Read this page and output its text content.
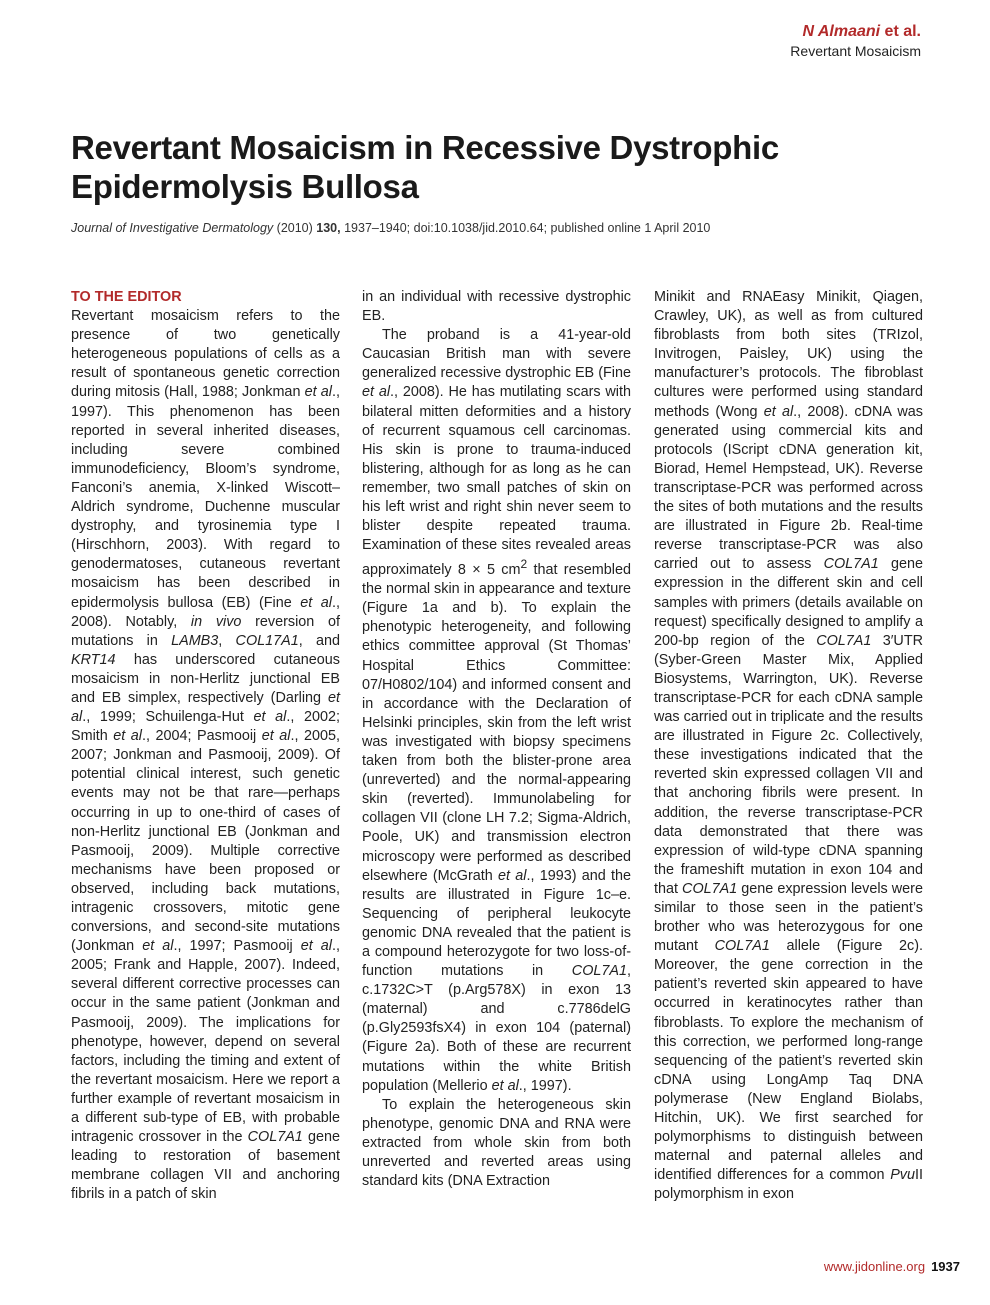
N Almaani et al.
Revertant Mosaicism
Revertant Mosaicism in Recessive Dystrophic Epidermolysis Bullosa
Journal of Investigative Dermatology (2010) 130, 1937–1940; doi:10.1038/jid.2010.64; published online 1 April 2010
TO THE EDITOR

Revertant mosaicism refers to the presence of two genetically heterogeneous populations of cells as a result of spontaneous genetic correction during mitosis (Hall, 1988; Jonkman et al., 1997). This phenomenon has been reported in several inherited diseases, including severe combined immunodeficiency, Bloom’s syndrome, Fanconi’s anemia, X-linked Wiscott–Aldrich syndrome, Duchenne muscular dystrophy, and tyrosinemia type I (Hirschhorn, 2003). With regard to genodermatoses, cutaneous revertant mosaicism has been described in epidermolysis bullosa (EB) (Fine et al., 2008). Notably, in vivo reversion of mutations in LAMB3, COL17A1, and KRT14 has underscored cutaneous mosaicism in non-Herlitz junctional EB and EB simplex, respectively (Darling et al., 1999; Schuilenga-Hut et al., 2002; Smith et al., 2004; Pasmooij et al., 2005, 2007; Jonkman and Pasmooij, 2009). Of potential clinical interest, such genetic events may not be that rare—perhaps occurring in up to one-third of cases of non-Herlitz junctional EB (Jonkman and Pasmooij, 2009). Multiple corrective mechanisms have been proposed or observed, including back mutations, intragenic crossovers, mitotic gene conversions, and second-site mutations (Jonkman et al., 1997; Pasmooij et al., 2005; Frank and Happle, 2007). Indeed, several different corrective processes can occur in the same patient (Jonkman and Pasmooij, 2009). The implications for phenotype, however, depend on several factors, including the timing and extent of the revertant mosaicism. Here we report a further example of revertant mosaicism in a different sub-type of EB, with probable intragenic crossover in the COL7A1 gene leading to restoration of basement membrane collagen VII and anchoring fibrils in a patch of skin

in an individual with recessive dystrophic EB.

The proband is a 41-year-old Caucasian British man with severe generalized recessive dystrophic EB (Fine et al., 2008). He has mutilating scars with bilateral mitten deformities and a history of recurrent squamous cell carcinomas. His skin is prone to trauma-induced blistering, although for as long as he can remember, two small patches of skin on his left wrist and right shin never seem to blister despite repeated trauma. Examination of these sites revealed areas approximately 8 × 5 $cm^2$ that resembled the normal skin in appearance and texture (Figure 1a and b). To explain the phenotypic heterogeneity, and following ethics committee approval (St Thomas’ Hospital Ethics Committee: 07/H0802/104) and informed consent and in accordance with the Declaration of Helsinki principles, skin from the left wrist was investigated with biopsy specimens taken from both the blister-prone area (unreverted) and the normal-appearing skin (reverted). Immunolabeling for collagen VII (clone LH 7.2; Sigma-Aldrich, Poole, UK) and transmission electron microscopy were performed as described elsewhere (McGrath et al., 1993) and the results are illustrated in Figure 1c–e. Sequencing of peripheral leukocyte genomic DNA revealed that the patient is a compound heterozygote for two loss-of-function mutations in COL7A1, c.1732C>T (p.Arg578X) in exon 13 (maternal) and c.7786delG (p.Gly2593fsX4) in exon 104 (paternal) (Figure 2a). Both of these are recurrent mutations within the white British population (Mellerio et al., 1997).

To explain the heterogeneous skin phenotype, genomic DNA and RNA were extracted from whole skin from both unreverted and reverted areas using standard kits (DNA Extraction

Minikit and RNAEasy Minikit, Qiagen, Crawley, UK), as well as from cultured fibroblasts from both sites (TRIzol, Invitrogen, Paisley, UK) using the manufacturer’s protocols. The fibroblast cultures were performed using standard methods (Wong et al., 2008). cDNA was generated using commercial kits and protocols (IScript cDNA generation kit, Biorad, Hemel Hempstead, UK). Reverse transcriptase-PCR was performed across the sites of both mutations and the results are illustrated in Figure 2b. Real-time reverse transcriptase-PCR was also carried out to assess COL7A1 gene expression in the different skin and cell samples with primers (details available on request) specifically designed to amplify a 200-bp region of the COL7A1 3′UTR (Syber-Green Master Mix, Applied Biosystems, Warrington, UK). Reverse transcriptase-PCR for each cDNA sample was carried out in triplicate and the results are illustrated in Figure 2c. Collectively, these investigations indicated that the reverted skin expressed collagen VII and that anchoring fibrils were present. In addition, the reverse transcriptase-PCR data demonstrated that there was expression of wild-type cDNA spanning the frameshift mutation in exon 104 and that COL7A1 gene expression levels were similar to those seen in the patient’s brother who was heterozygous for one mutant COL7A1 allele (Figure 2c). Moreover, the gene correction in the patient’s reverted skin appeared to have occurred in keratinocytes rather than fibroblasts. To explore the mechanism of this correction, we performed long-range sequencing of the patient’s reverted skin cDNA using LongAmp Taq DNA polymerase (New England Biolabs, Hitchin, UK). We first searched for polymorphisms to distinguish between maternal and paternal alleles and identified differences for a common PvuII polymorphism in exon

www.jidonline.org 1937
